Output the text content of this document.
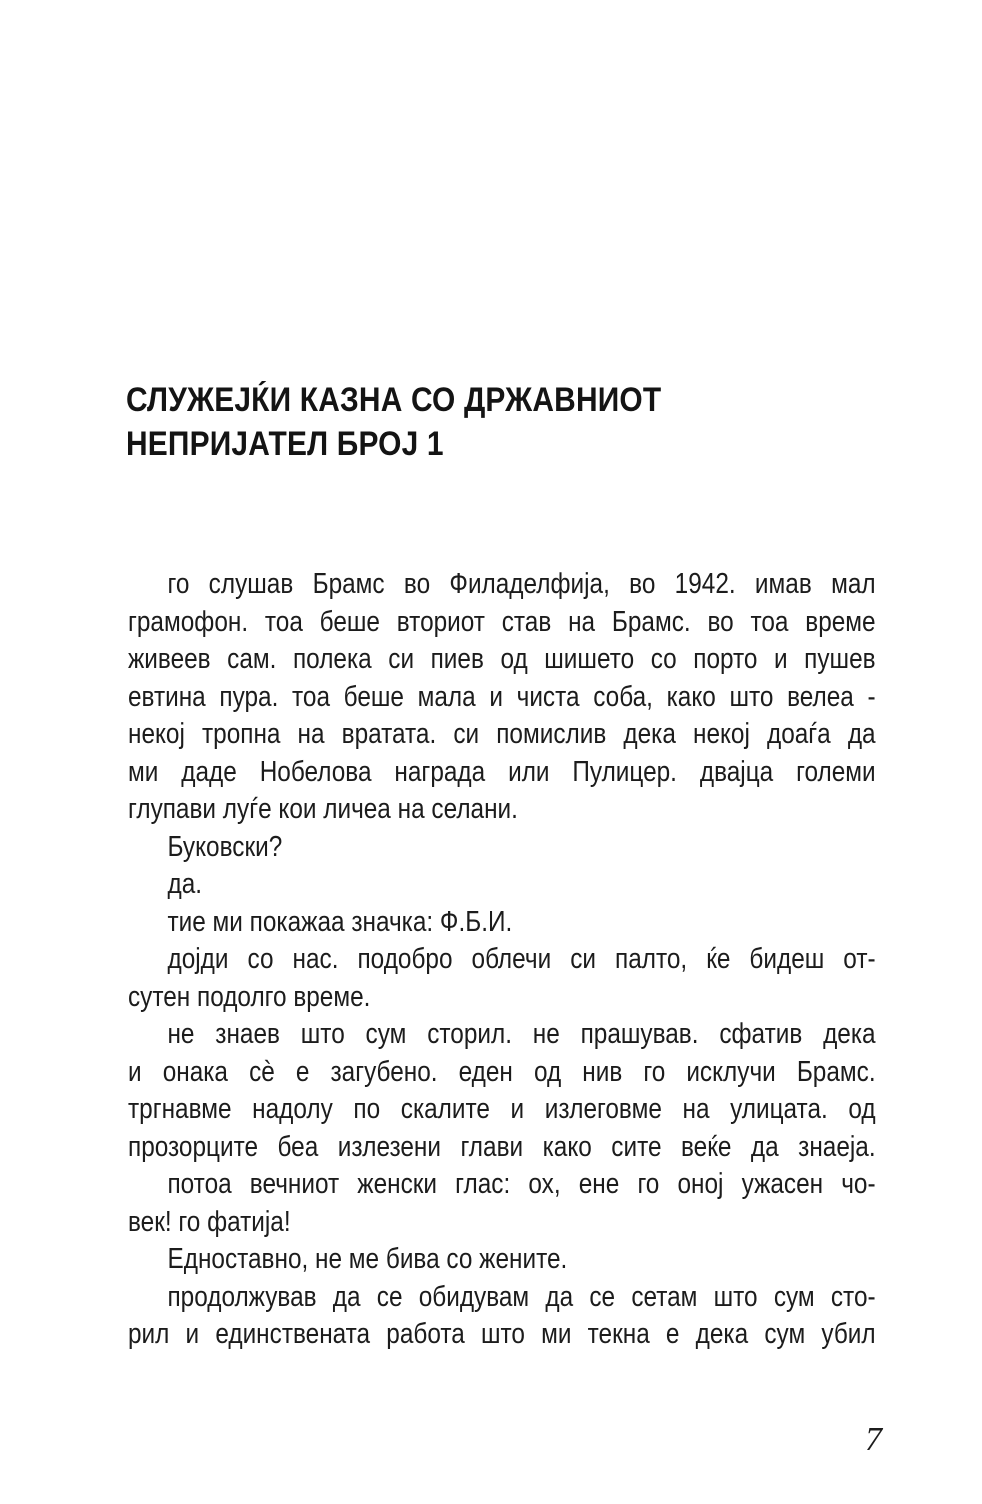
СЛУЖЕЈЌИ КАЗНА СО ДРЖАВНИОТ
НЕПРИЈАТЕЛ БРОЈ 1
го слушав Брамс во Филаделфија, во 1942. имав мал
грамофон. тоа беше вториот став на Брамс. во тоа време
живеев сам. полека си пиев од шишето со порто и пушев
евтина пура. тоа беше мала и чиста соба, како што велеа -
некој тропна на вратата. си помислив дека некој доаѓа да
ми даде Нобелова награда или Пулицер. двајца големи
глупави луѓе кои личеа на селани.
Буковски?
да.
тие ми покажаа значка: Ф.Б.И.
дојди со нас. подобро облечи си палто, ќе бидеш от-
сутен подолго време.
не знаев што сум сторил. не прашував. сфатив дека
и онака сѐ е загубено. еден од нив го исклучи Брамс.
тргнавме надолу по скалите и излеговме на улицата. од
прозорците беа излезени глави како сите веќе да знаеја.
потоа вечниот женски глас: ох, ене го оној ужасен чо-
век! го фатија!
Едноставно, не ме бива со жените.
продолжував да се обидувам да се сетам што сум сто-
рил и единствената работа што ми текна е дека сум убил
7
